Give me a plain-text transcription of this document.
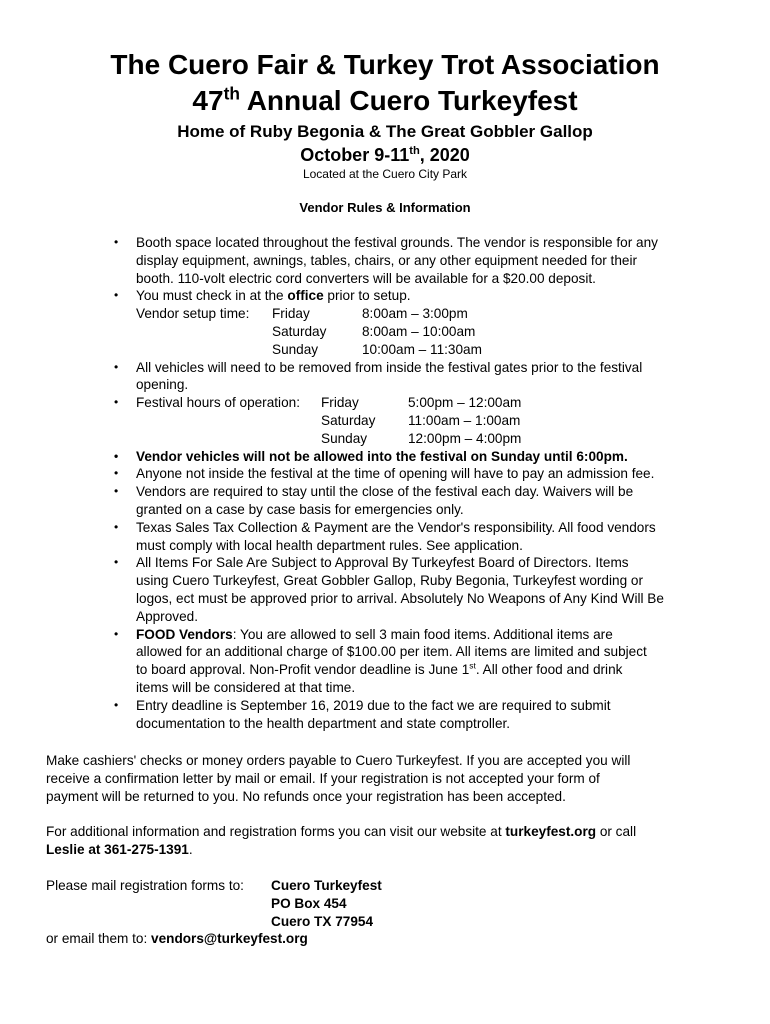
The Cuero Fair & Turkey Trot Association
47th Annual Cuero Turkeyfest
Home of Ruby Begonia & The Great Gobbler Gallop
October 9-11th, 2020
Located at the Cuero City Park
Vendor Rules & Information
• Booth space located throughout the festival grounds. The vendor is responsible for any
display equipment, awnings, tables, chairs, or any other equipment needed for their
booth. 110-volt electric cord converters will be available for a $20.00 deposit.
• You must check in at the office prior to setup.
Vendor setup time:	Friday	8:00am – 3:00pm
Saturday	8:00am – 10:00am
Sunday	10:00am – 11:30am
• All vehicles will need to be removed from inside the festival gates prior to the festival
opening.
• Festival hours of operation:	Friday	5:00pm – 12:00am
Saturday	11:00am – 1:00am
Sunday	12:00pm – 4:00pm
• Vendor vehicles will not be allowed into the festival on Sunday until 6:00pm.
• Anyone not inside the festival at the time of opening will have to pay an admission fee.
• Vendors are required to stay until the close of the festival each day. Waivers will be
granted on a case by case basis for emergencies only.
• Texas Sales Tax Collection & Payment are the Vendor's responsibility. All food vendors
must comply with local health department rules. See application.
• All Items For Sale Are Subject to Approval By Turkeyfest Board of Directors. Items
using Cuero Turkeyfest, Great Gobbler Gallop, Ruby Begonia, Turkeyfest wording or
logos, ect must be approved prior to arrival. Absolutely No Weapons of Any Kind Will Be
Approved.
• FOOD Vendors: You are allowed to sell 3 main food items. Additional items are
allowed for an additional charge of $100.00 per item. All items are limited and subject
to board approval. Non-Profit vendor deadline is June 1st. All other food and drink
items will be considered at that time.
• Entry deadline is September 16, 2019 due to the fact we are required to submit
documentation to the health department and state comptroller.
Make cashiers' checks or money orders payable to Cuero Turkeyfest. If you are accepted you will
receive a confirmation letter by mail or email. If your registration is not accepted your form of
payment will be returned to you. No refunds once your registration has been accepted.
For additional information and registration forms you can visit our website at turkeyfest.org or call
Leslie at 361-275-1391.
Please mail registration forms to:	Cuero Turkeyfest
PO Box 454
Cuero TX 77954
or email them to: vendors@turkeyfest.org
